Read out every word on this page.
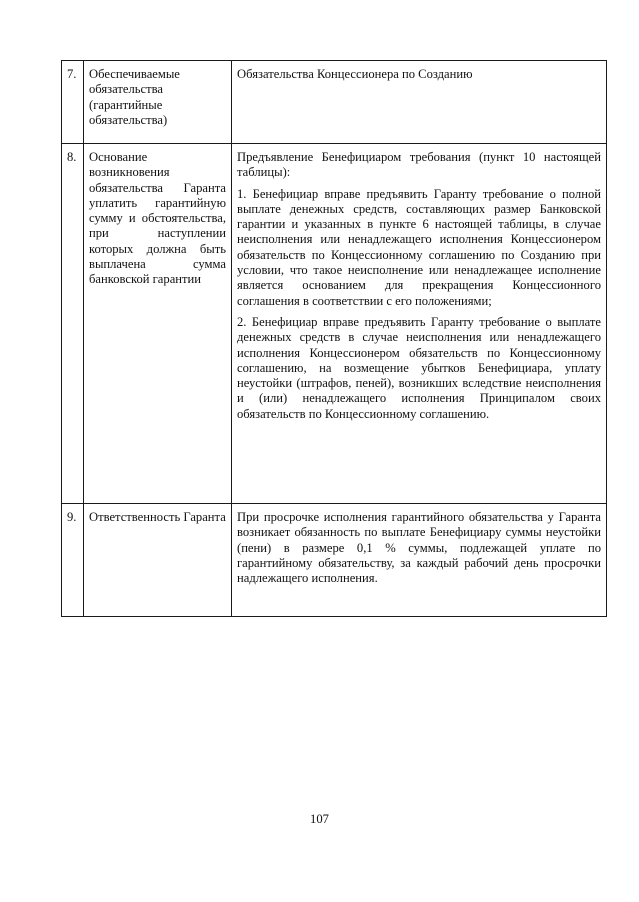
7.	Обеспечиваемые обязательства (гарантийные обязательства)	Обязательства Концессионера по Созданию

8.	Основание возникновения обязательства Гаранта уплатить гарантийную сумму и обстоятельства, при наступлении которых должна быть выплачена сумма банковской гарантии	Предъявление Бенефициаром требования (пункт 10 настоящей таблицы):

1. Бенефициар вправе предъявить Гаранту требование о полной выплате денежных средств, составляющих размер Банковской гарантии и указанных в пункте 6 настоящей таблицы, в случае неисполнения или ненадлежащего исполнения Концессионером обязательств по Концессионному соглашению по Созданию при условии, что такое неисполнение или ненадлежащее исполнение является основанием для прекращения Концессионного соглашения в соответствии с его положениями;

2. Бенефициар вправе предъявить Гаранту требование о выплате денежных средств в случае неисполнения или ненадлежащего исполнения Концессионером обязательств по Концессионному соглашению, на возмещение убытков Бенефициара, уплату неустойки (штрафов, пеней), возникших вследствие неисполнения и (или) ненадлежащего исполнения Принципалом своих обязательств по Концессионному соглашению.

9.	Ответственность Гаранта	При просрочке исполнения гарантийного обязательства у Гаранта возникает обязанность по выплате Бенефициару суммы неустойки (пени) в размере 0,1 % суммы, подлежащей уплате по гарантийному обязательству, за каждый рабочий день просрочки надлежащего исполнения.

107
